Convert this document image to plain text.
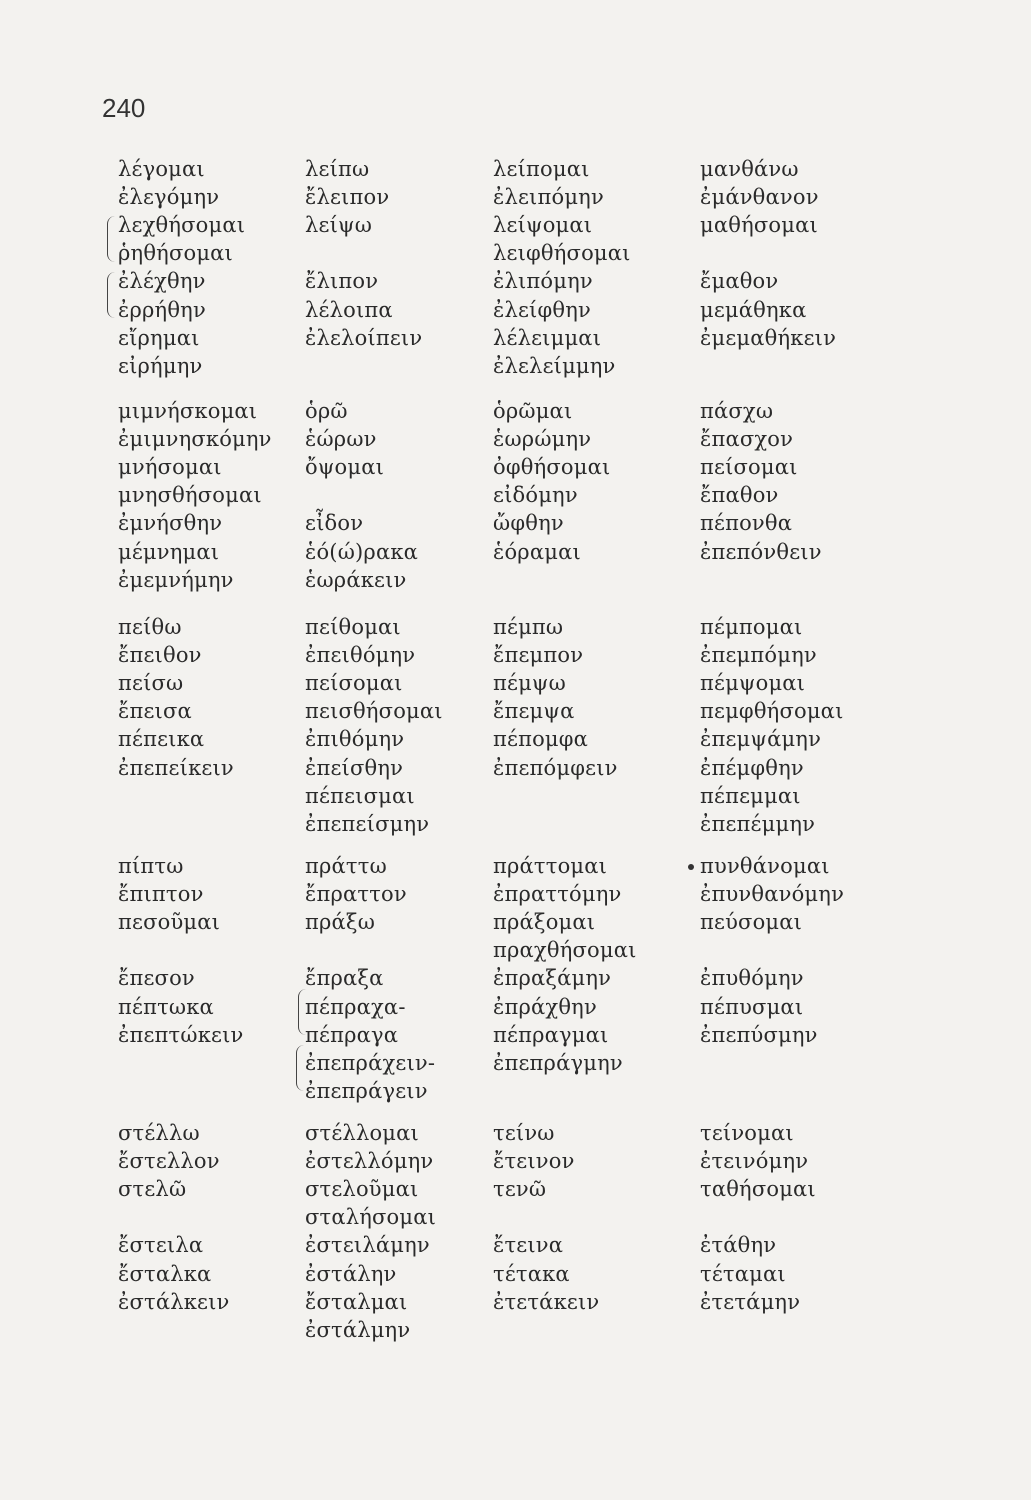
240
λέγομαι
ἐλεγόμην
λεχθήσομαι
ῥηθήσομαι
ἐλέχθην
ἐρρήθην
εἴρημαι
εἰρήμην
λείπω
ἔλειπον
λείψω
ἔλιπον
λέλοιπα
ἐλελοίπειν
λείπομαι
ἐλειπόμην
λείψομαι
λειφθήσομαι
ἐλιπόμην
ἐλείφθην
λέλειμμαι
ἐλελείμμην
μανθάνω
ἐμάνθανον
μαθήσομαι
ἔμαθον
μεμάθηκα
ἐμεμαθήκειν
μιμνήσκομαι
ἐμιμνησκόμην
μνήσομαι
μνησθήσομαι
ἐμνήσθην
μέμνημαι
ἐμεμνήμην
ὁρῶ
ἑώρων
ὄψομαι
εἶδον
ἑό(ώ)ρακα
ἑωράκειν
ὁρῶμαι
ἑωρώμην
ὀφθήσομαι
εἰδόμην
ὤφθην
ἑόραμαι
πάσχω
ἔπασχον
πείσομαι
ἔπαθον
πέπονθα
ἐπεπόνθειν
πείθω
ἔπειθον
πείσω
ἔπεισα
πέπεικα
ἐπεπείκειν
πείθομαι
ἐπειθόμην
πείσομαι
πεισθήσομαι
ἐπιθόμην
ἐπείσθην
πέπεισμαι
ἐπεπείσμην
πέμπω
ἔπεμπον
πέμψω
ἔπεμψα
πέπομφα
ἐπεπόμφειν
πέμπομαι
ἐπεμπόμην
πέμψομαι
πεμφθήσομαι
ἐπεμψάμην
ἐπέμφθην
πέπεμμαι
ἐπεπέμμην
πίπτω
ἔπιπτον
πεσοῦμαι
ἔπεσον
πέπτωκα
ἐπεπτώκειν
πράττω
ἔπραττον
πράξω
ἔπραξα
πέπραχα-
πέπραγα
ἐπεπράχειν-
ἐπεπράγειν
πράττομαι
ἐπραττόμην
πράξομαι
πραχθήσομαι
ἐπραξάμην
ἐπράχθην
πέπραγμαι
ἐπεπράγμην
πυνθάνομαι
ἐπυνθανόμην
πεύσομαι
ἐπυθόμην
πέπυσμαι
ἐπεπύσμην
στέλλω
ἔστελλον
στελῶ
ἔστειλα
ἔσταλκα
ἐστάλκειν
στέλλομαι
ἐστελλόμην
στελοῦμαι
σταλήσομαι
ἐστειλάμην
ἐστάλην
ἔσταλμαι
ἐστάλμην
τείνω
ἔτεινον
τενῶ
ἔτεινα
τέτακα
ἐτετάκειν
τείνομαι
ἐτεινόμην
ταθήσομαι
ἐτάθην
τέταμαι
ἐτετάμην
